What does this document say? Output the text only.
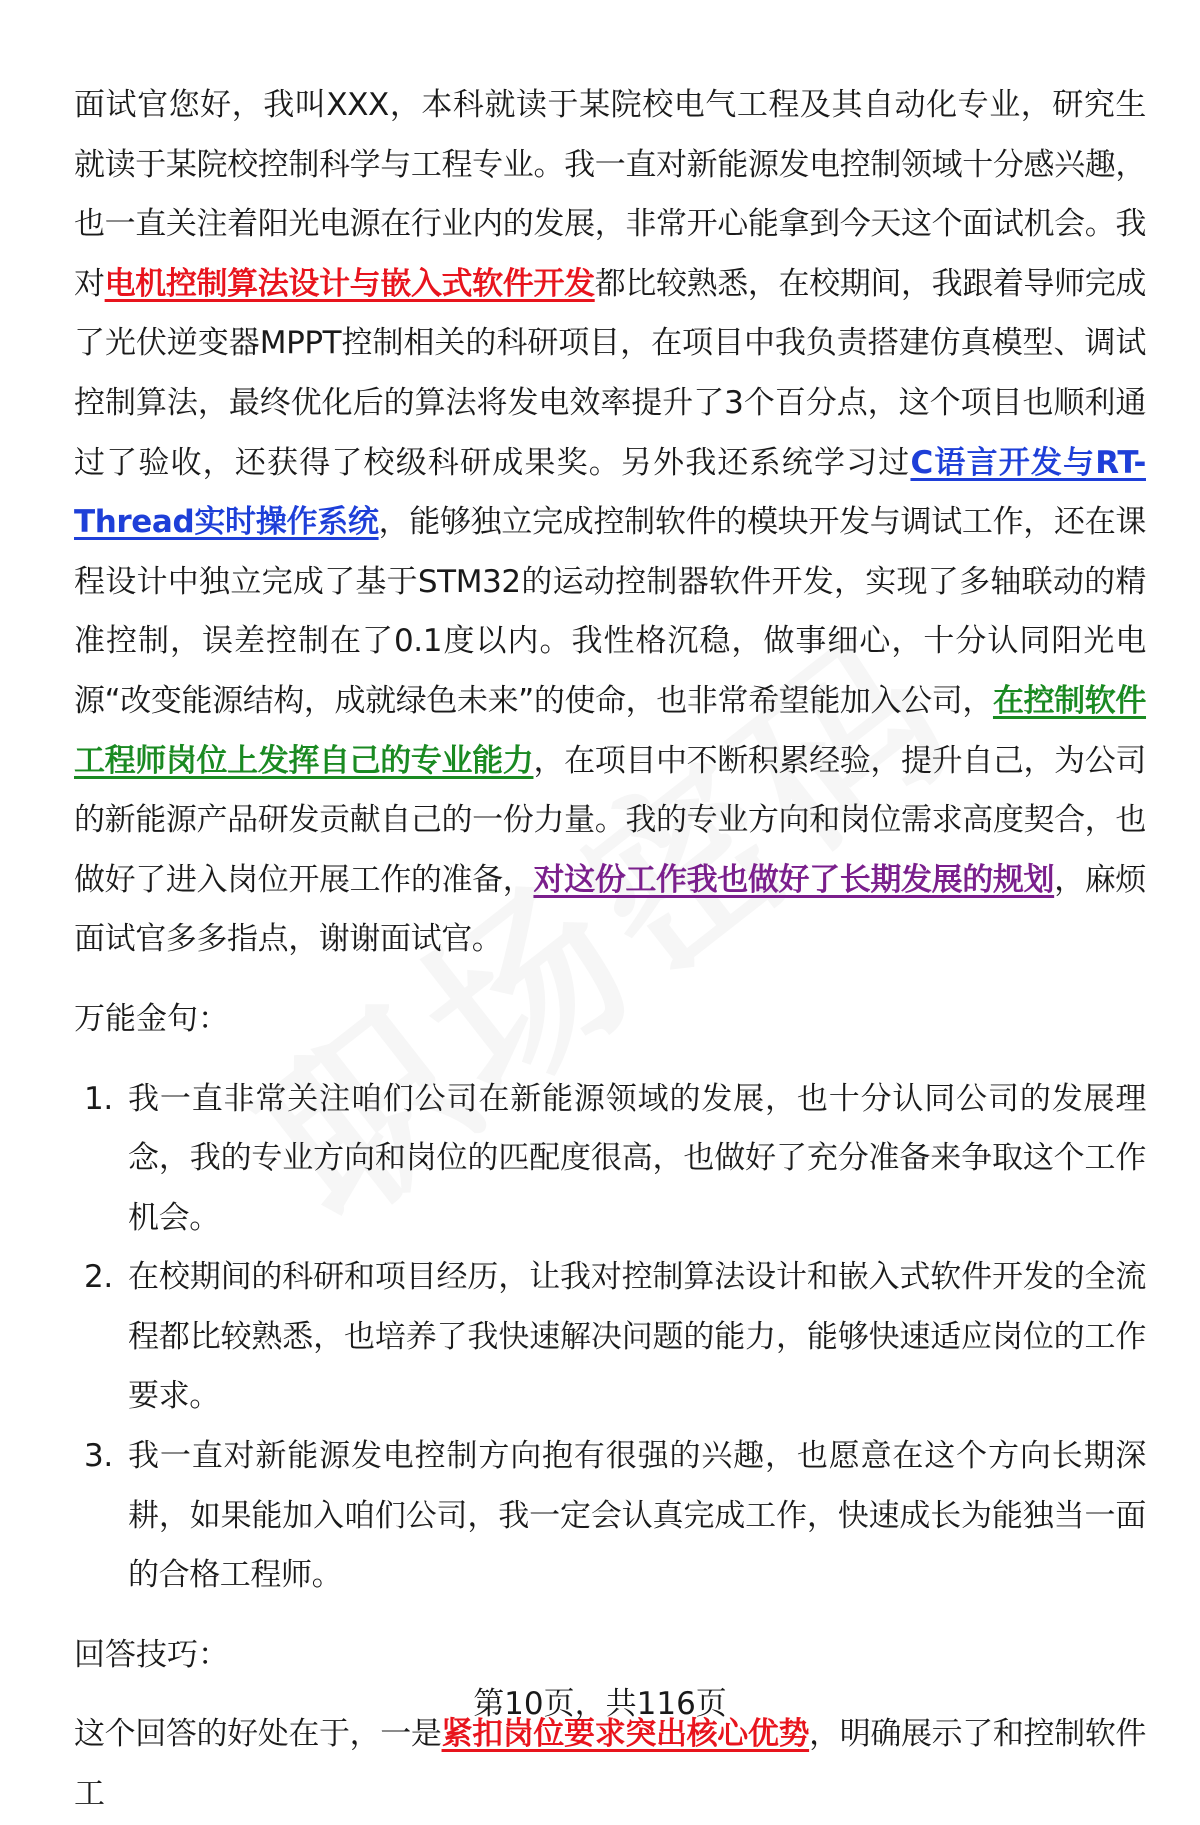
面试官您好，我叫XXX，本科就读于某院校电气工程及其自动化专业，研究生就读于某院校控制科学与工程专业。我一直对新能源发电控制领域十分感兴趣，也一直关注着阳光电源在行业内的发展，非常开心能拿到今天这个面试机会。我对电机控制算法设计与嵌入式软件开发都比较熟悉，在校期间，我跟着导师完成了光伏逆变器MPPT控制相关的科研项目，在项目中我负责搭建仿真模型、调试控制算法，最终优化后的算法将发电效率提升了3个百分点，这个项目也顺利通过了验收，还获得了校级科研成果奖。另外我还系统学习过C语言开发与RT-Thread实时操作系统，能够独立完成控制软件的模块开发与调试工作，还在课程设计中独立完成了基于STM32的运动控制器软件开发，实现了多轴联动的精准控制，误差控制在了0.1度以内。我性格沉稳，做事细心，十分认同阳光电源“改变能源结构，成就绿色未来”的使命，也非常希望能加入公司，在控制软件工程师岗位上发挥自己的专业能力，在项目中不断积累经验，提升自己，为公司的新能源产品研发贡献自己的一份力量。我的专业方向和岗位需求高度契合，也做好了进入岗位开展工作的准备，对这份工作我也做好了长期发展的规划，麻烦面试官多多指点，谢谢面试官。

万能金句：

1. 我一直非常关注咱们公司在新能源领域的发展，也十分认同公司的发展理念，我的专业方向和岗位的匹配度很高，也做好了充分准备来争取这个工作机会。
2. 在校期间的科研和项目经历，让我对控制算法设计和嵌入式软件开发的全流程都比较熟悉，也培养了我快速解决问题的能力，能够快速适应岗位的工作要求。
3. 我一直对新能源发电控制方向抱有很强的兴趣，也愿意在这个方向长期深耕，如果能加入咱们公司，我一定会认真完成工作，快速成长为能独当一面的合格工程师。

回答技巧：

这个回答的好处在于，一是紧扣岗位要求突出核心优势，明确展示了和控制软件工

第10页，共116页
